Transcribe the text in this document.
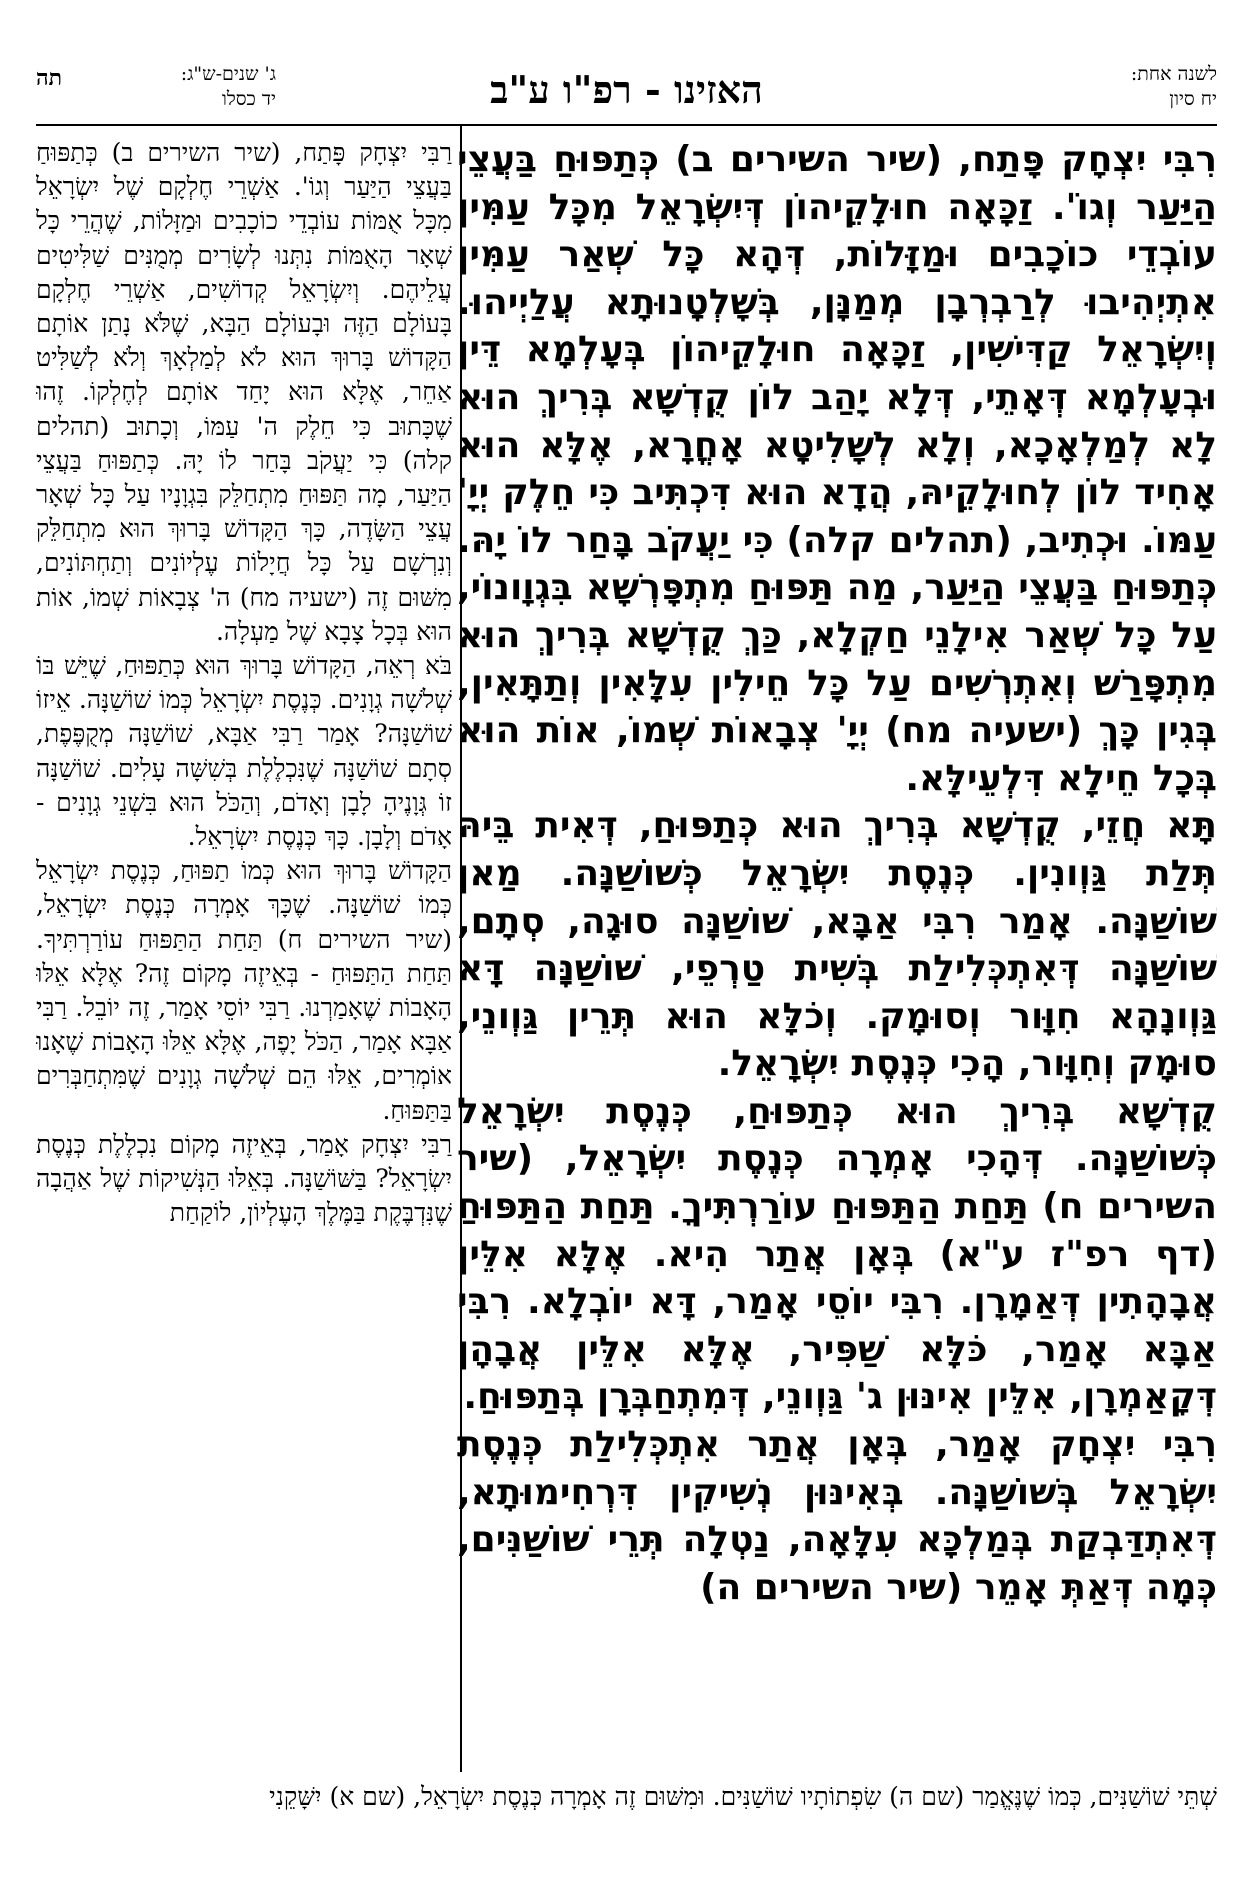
לשנה אחת:
יח סיון
האזינו - רפ"ו ע"ב
ג' שנים-ש"ג:
יד כסלו
תה

רִבִּי יִצְחָק פָּתַח, (שיר השירים ב) כְּתַפּוּחַ בַּעֲצֵי הַיַּעַר וְגוֹ'. זַכָּאָה חוּלָקֵיהוֹן דְּיִשְׂרָאֵל מִכָּל עַמִּין עוֹבְדֵי כוֹכָבִים וּמַזָּלוֹת, דְּהָא כָּל שְׁאַר עַמִּין אִתְיְהִיבוּ לְרַבְרְבָן מְמַנָּן, בְּשָׁלְטָנוּתָא עֲלַיְיהוּ. וְיִשְׂרָאֵל קַדִּישִׁין, זַכָּאָה חוּלָקֵיהוֹן בְּעָלְמָא דֵּין וּבְעָלְמָא דְּאָתֵי, דְּלָא יָהַב לוֹן קֻדְשָׁא בְּרִיךְ הוּא לָא לְמַלְאָכָא, וְלָא לְשָׁלִיטָא אָחֳרָא, אֶלָּא הוּא אָחִיד לוֹן לְחוּלָקֵיהּ, הֲדָא הוּא דִּכְתִּיב כִּי חֵלֶק יְיָ' עַמּוֹ. וּכְתִיב, (תהלים קלה) כִּי יַעֲקֹב בָּחַר לוֹ יָהּ. כְּתַפּוּחַ בַּעֲצֵי הַיַּעַר, מַה תַּפּוּחַ מִתְפָּרְשָׁא בִּגְוָונוֹי, עַל כָּל שְׁאַר אִילָנֵי חַקְלָא, כַּךְ קֻדְשָׁא בְּרִיךְ הוּא מִתְפָּרַשׁ וְאִתְרְשִׁים עַל כָּל חֵילִין עִלָּאִין וְתַתָּאִין, בְּגִין כָּךְ (ישעיה מח) יְיָ' צְבָאוֹת שְׁמוֹ, אוֹת הוּא בְּכָל חֵילָא דִּלְעֵילָּא.

תָּא חֲזֵי, קֻדְשָׁא בְּרִיךְ הוּא כְּתַפּוּחַ, דְּאִית בֵּיהּ תְּלַת גַּוְונִין. כְּנֶסֶת יִשְׂרָאֵל כְּשׁוֹשַׁנָּה. מַאן שׁוֹשַׁנָּה. אָמַר רִבִּי אַבָּא, שׁוֹשַׁנָּה סוּגָה, סְתָם, שׁוֹשַׁנָּה דְּאִתְכְּלִילַת בְּשִׁית טַרְפֵי, שׁוֹשַׁנָּה דָּא גַּוְונָהָא חִוָּור וְסוּמָק. וְכֹלָּא הוּא תְּרֵין גַּוְונֵי, סוּמָק וְחִוָּור, הָכִי כְּנֶסֶת יִשְׂרָאֵל.

קֻדְשָׁא בְּרִיךְ הוּא כְּתַפּוּחַ, כְּנֶסֶת יִשְׂרָאֵל כְּשׁוֹשַׁנָּה. דְּהָכִי אָמְרָה כְּנֶסֶת יִשְׂרָאֵל, (שיר השירים ח) תַּחַת הַתַּפּוּחַ עוֹרַרְתִּיךָ. תַּחַת הַתַּפּוּחַ (דף רפ"ז ע"א) בְּאָן אֲתַר הִיא. אֶלָּא אִלֵּין אֲבָהָתִין דְּאַמָרָן. רִבִּי יוֹסֵי אָמַר, דָּא יוֹבְלָא. רִבִּי אַבָּא אָמַר, כֹּלָּא שַׁפִּיר, אֶלָּא אִלֵּין אֲבָהָן דְּקָאַמְרָן, אִלֵּין אִינּוּן ג' גַּוְונֵי, דְּמִתְחַבְּרָן בְּתַפּוּחַ.

רִבִּי יִצְחָק אָמַר, בְּאָן אֲתַר אִתְכְּלִילַת כְּנֶסֶת יִשְׂרָאֵל בְּשׁוֹשַׁנָּה. בְּאִינּוּן נְשִׁיקִין דִּרְחִימוּתָא, דְּאִתְדַּבְקַת בְּמַלְכָּא עִלָּאָה, נַטְלָה תְּרֵי שׁוֹשַׁנִּים, כְּמָה דְּאַתְּ אָמֵר (שיר השירים ה)

רַבִּי יִצְחָק פָּתַח, (שיר השירים ב) כְּתַפּוּחַ בַּעֲצֵי הַיַּעַר וְגוֹ'. אַשְׁרֵי חֶלְקָם שֶׁל יִשְׂרָאֵל מִכָּל אֻמּוֹת עוֹבְדֵי כוֹכָבִים וּמַזָּלוֹת, שֶׁהֲרֵי כָּל שְׁאָר הָאֻמּוֹת נִתְּנוּ לְשָׂרִים מְמֻנִּים שַׁלִּיטִים עֲלֵיהֶם. וְיִשְׂרָאֵל קְדוֹשִׁים, אַשְׁרֵי חֶלְקָם בָּעוֹלָם הַזֶּה וּבָעוֹלָם הַבָּא, שֶׁלֹּא נָתַן אוֹתָם הַקָּדוֹשׁ בָּרוּךְ הוּא לֹא לְמַלְאָךְ וְלֹא לְשַׁלִּיט אַחֵר, אֶלָּא הוּא יָחַד אוֹתָם לְחֶלְקוֹ. זֶהוּ שֶׁכָּתוּב כִּי חֵלֶק ה' עַמּוֹ, וְכָתוּב (תהלים קלה) כִּי יַעֲקֹב בָּחַר לוֹ יָהּ. כְּתַפּוּחַ בַּעֲצֵי הַיַּעַר, מָה תַּפּוּחַ מִתְחַלֵּק בִּגְוָנָיו עַל כָּל שְׁאָר עֲצֵי הַשָּׂדֶה, כָּךְ הַקָּדוֹשׁ בָּרוּךְ הוּא מִתְחַלֵּק וְנִרְשָׁם עַל כָּל חֲיָלוֹת עֶלְיוֹנִים וְתַחְתּוֹנִים, מִשּׁוּם זֶה (ישעיה מח) ה' צְבָאוֹת שְׁמוֹ, אוֹת הוּא בְּכָל צָבָא שֶׁל מַעְלָה.

בֹּא רְאֵה, הַקָּדוֹשׁ בָּרוּךְ הוּא כְּתַפּוּחַ, שֶׁיֵּשׁ בּוֹ שְׁלֹשָׁה גְוָנִים. כְּנֶסֶת יִשְׂרָאֵל כְּמוֹ שׁוֹשַׁנָּה. אֵיזוֹ שׁוֹשַׁנָּה? אָמַר רַבִּי אַבָּא, שׁוֹשַׁנָּה מְקֻפֶּפֶת, סְתָם שׁוֹשַׁנָּה שֶׁנִּכְלֶלֶת בְּשִׁשָּׁה עָלִים. שׁוֹשַׁנָּה זוֹ גְּוָנֶיהָ לָבָן וְאָדֹם, וְהַכֹּל הוּא בִּשְׁנֵי גְוָנִים - אָדֹם וְלָבָן. כָּךְ כְּנֶסֶת יִשְׂרָאֵל.

הַקָּדוֹשׁ בָּרוּךְ הוּא כְּמוֹ תַפּוּחַ, כְּנֶסֶת יִשְׂרָאֵל כְּמוֹ שׁוֹשַׁנָּה. שֶׁכָּךְ אָמְרָה כְּנֶסֶת יִשְׂרָאֵל, (שיר השירים ח) תַּחַת הַתַּפּוּחַ עוֹרַרְתִּיךָ. תַּחַת הַתַּפּוּחַ - בְּאֵיזֶה מָקוֹם זֶה? אֶלָּא אֵלּוּ הָאָבוֹת שֶׁאָמַרְנוּ. רַבִּי יוֹסֵי אָמַר, זֶה יוֹבֵל. רַבִּי אַבָּא אָמַר, הַכֹּל יָפֶה, אֶלָּא אֵלּוּ הָאָבוֹת שֶׁאָנוּ אוֹמְרִים, אֵלּוּ הֵם שְׁלֹשָׁה גְוָנִים שֶׁמִּתְחַבְּרִים בַּתַּפּוּחַ.

רַבִּי יִצְחָק אָמַר, בְּאֵיזֶה מָקוֹם נִכְלֶלֶת כְּנֶסֶת יִשְׂרָאֵל? בַּשּׁוֹשַׁנָּה. בְּאֵלּוּ הַנְּשִׁיקוֹת שֶׁל אַהֲבָה שֶׁנִּדְבֶּקֶת בַּמֶּלֶךְ הָעֶלְיוֹן, לוֹקַחַת

שְׁתֵּי שׁוֹשַׁנִּים, כְּמוֹ שֶׁנֶּאֱמַר (שם ה) שִׂפְתוֹתָיו שׁוֹשַׁנִּים. וּמִשּׁוּם זֶה אָמְרָה כְּנֶסֶת יִשְׂרָאֵל, (שם א) יִשָּׁקֵנִי
